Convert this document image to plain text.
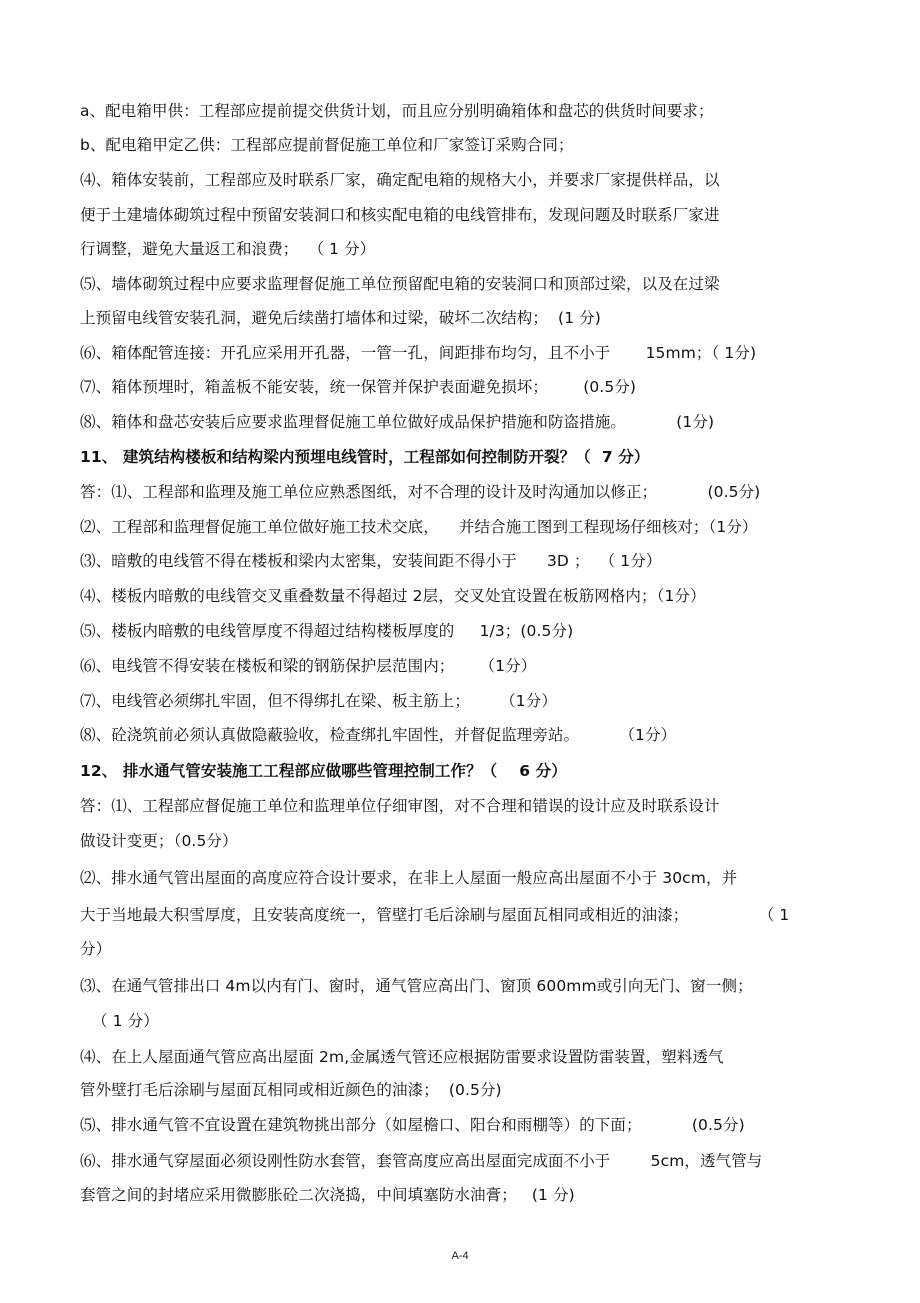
a、配电箱甲供：工程部应提前提交供货计划，而且应分别明确箱体和盘芯的供货时间要求；
b、配电箱甲定乙供：工程部应提前督促施工单位和厂家签订采购合同；
⑷、箱体安装前，工程部应及时联系厂家，确定配电箱的规格大小，并要求厂家提供样品，以
便于土建墙体砌筑过程中预留安装洞口和核实配电箱的电线管排布，发现问题及时联系厂家进
行调整，避免大量返工和浪费；  （ 1 分）
⑸、墙体砌筑过程中应要求监理督促施工单位预留配电箱的安装洞口和顶部过梁，以及在过梁
上预留电线管安装孔洞，避免后续凿打墙体和过梁，破坏二次结构；  (1 分)
⑹、箱体配管连接：开孔应采用开孔器，一管一孔，间距排布均匀，且不小于       15mm；（ 1分)
⑺、箱体预埋时，箱盖板不能安装，统一保管并保护表面避免损坏；       (0.5分)
⑻、箱体和盘芯安装后应要求监理督促施工单位做好成品保护措施和防盗措施。          (1分)
11、 建筑结构楼板和结构梁内预埋电线管时，工程部如何控制防开裂？（  7 分）
答：⑴、工程部和监理及施工单位应熟悉图纸，对不合理的设计及时沟通加以修正；          (0.5分)
⑵、工程部和监理督促施工单位做好施工技术交底，    并结合施工图到工程现场仔细核对；（1分）
⑶、暗敷的电线管不得在楼板和梁内太密集，安装间距不得小于      3D ；  （ 1分）
⑷、楼板内暗敷的电线管交叉重叠数量不得超过 2层，交叉处宜设置在板筋网格内；（1分）
⑸、楼板内暗敷的电线管厚度不得超过结构楼板厚度的     1/3；(0.5分)
⑹、电线管不得安装在楼板和梁的钢筋保护层范围内；     （1分）
⑺、电线管必须绑扎牢固，但不得绑扎在梁、板主筋上；      （1分）
⑻、砼浇筑前必须认真做隐蔽验收，检查绑扎牢固性，并督促监理旁站。        （1分）
12、 排水通气管安装施工工程部应做哪些管理控制工作？（    6 分）
答：⑴、工程部应督促施工单位和监理单位仔细审图，对不合理和错误的设计应及时联系设计
做设计变更；（0.5分）
⑵、排水通气管出屋面的高度应符合设计要求，在非上人屋面一般应高出屋面不小于 30cm，并
大于当地最大积雪厚度，且安装高度统一，管壁打毛后涂刷与屋面瓦相同或相近的油漆；              （ 1
分）
⑶、在通气管排出口 4m以内有门、窗时，通气管应高出门、窗顶 600mm或引向无门、窗一侧；
（ 1 分）
⑷、在上人屋面通气管应高出屋面 2m,金属透气管还应根据防雷要求设置防雷装置，塑料透气
管外壁打毛后涂刷与屋面瓦相同或相近颜色的油漆；  (0.5分)
⑸、排水通气管不宜设置在建筑物挑出部分（如屋檐口、阳台和雨棚等）的下面；          (0.5分)
⑹、排水通气穿屋面必须设刚性防水套管，套管高度应高出屋面完成面不小于        5cm，透气管与
套管之间的封堵应采用微膨胀砼二次浇捣，中间填塞防水油膏；   (1 分)
A-4
